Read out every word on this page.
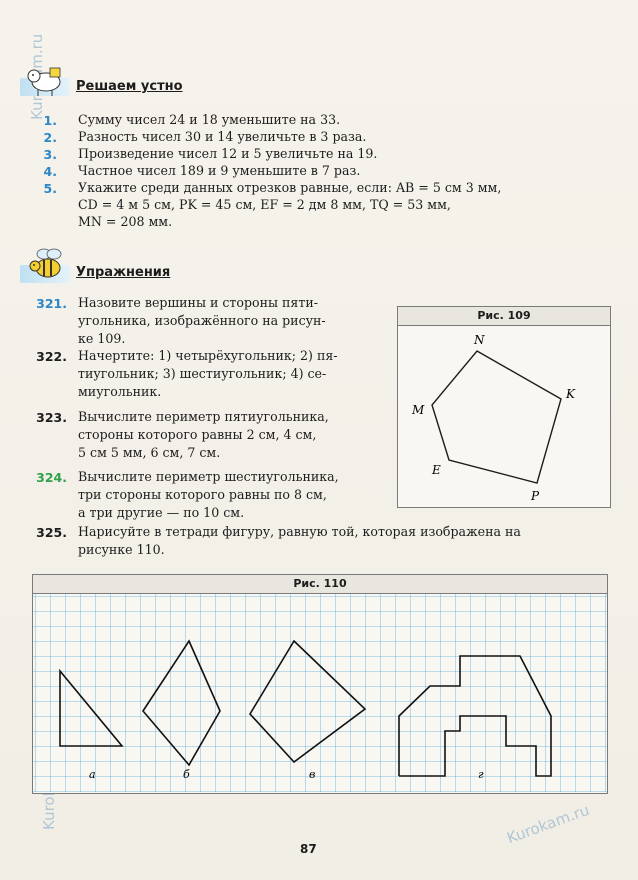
Kurokam.ru
Решаем устно
1. Сумму чисел 24 и 18 уменьшите на 33.
2. Разность чисел 30 и 14 увеличьте в 3 раза.
3. Произведение чисел 12 и 5 увеличьте на 19.
4. Частное чисел 189 и 9 уменьшите в 7 раз.
5. Укажите среди данных отрезков равные, если: AB = 5 см 3 мм,
CD = 4 м 5 см, PK = 45 см, EF = 2 дм 8 мм, TQ = 53 мм,
MN = 208 мм.
Упражнения
321. Назовите вершины и стороны пяти-
угольника, изображённого на рисун-
ке 109.
322. Начертите: 1) четырёхугольник; 2) пя-
тиугольник; 3) шестиугольник; 4) се-
миугольник.
323. Вычислите периметр пятиугольника,
стороны которого равны 2 см, 4 см,
5 см 5 мм, 6 см, 7 см.
324. Вычислите периметр шестиугольника,
три стороны которого равны по 8 см,
а три другие — по 10 см.
325. Нарисуйте в тетради фигуру, равную той, которая изображена на
рисунке 110.
Рис. 109
N
K
M
E
P
Рис. 110
а	б	в	г
87
